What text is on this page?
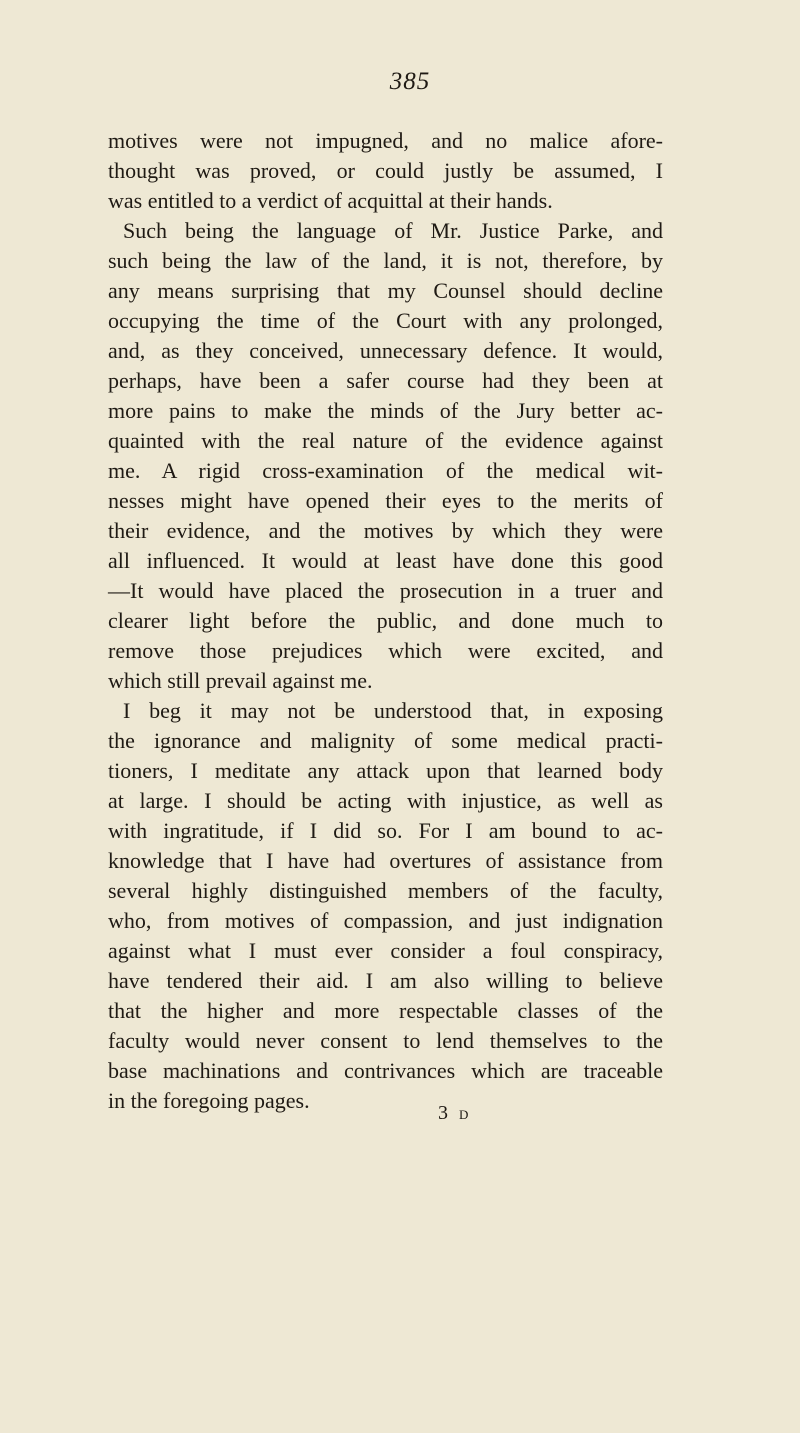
385
motives were not impugned, and no malice afore-
thought was proved, or could justly be assumed, I
was entitled to a verdict of acquittal at their hands.
Such being the language of Mr. Justice Parke, and
such being the law of the land, it is not, therefore, by
any means surprising that my Counsel should decline
occupying the time of the Court with any prolonged,
and, as they conceived, unnecessary defence. It would,
perhaps, have been a safer course had they been at
more pains to make the minds of the Jury better ac-
quainted with the real nature of the evidence against
me. A rigid cross-examination of the medical wit-
nesses might have opened their eyes to the merits of
their evidence, and the motives by which they were
all influenced. It would at least have done this good
—It would have placed the prosecution in a truer and
clearer light before the public, and done much to
remove those prejudices which were excited, and
which still prevail against me.
I beg it may not be understood that, in exposing
the ignorance and malignity of some medical practi-
tioners, I meditate any attack upon that learned body
at large. I should be acting with injustice, as well as
with ingratitude, if I did so. For I am bound to ac-
knowledge that I have had overtures of assistance from
several highly distinguished members of the faculty,
who, from motives of compassion, and just indignation
against what I must ever consider a foul conspiracy,
have tendered their aid. I am also willing to believe
that the higher and more respectable classes of the
faculty would never consent to lend themselves to the
base machinations and contrivances which are traceable
in the foregoing pages.	3 D
